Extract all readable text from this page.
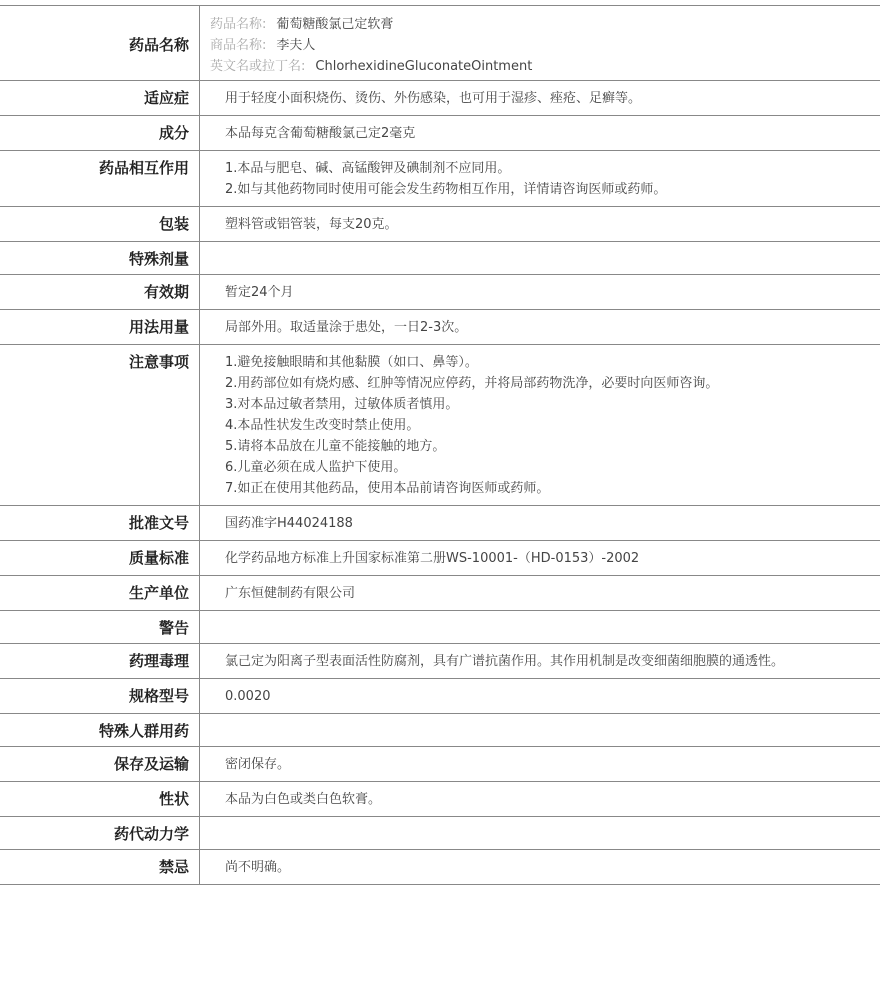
药品名称
药品名称: 葡萄糖酸氯己定软膏
商品名称: 李夫人
英文名或拉丁名: ChlorhexidineGluconateOintment
适应症	用于轻度小面积烧伤、烫伤、外伤感染，也可用于湿疹、痤疮、足癣等。
成分	本品每克含葡萄糖酸氯己定2毫克
药品相互作用	1.本品与肥皂、碱、高锰酸钾及碘制剂不应同用。
2.如与其他药物同时使用可能会发生药物相互作用，详情请咨询医师或药师。
包装	塑料管或铝管装，每支20克。
特殊剂量
有效期	暂定24个月
用法用量	局部外用。取适量涂于患处，一日2-3次。
注意事项	1.避免接触眼睛和其他黏膜（如口、鼻等）。
2.用药部位如有烧灼感、红肿等情况应停药，并将局部药物洗净，必要时向医师咨询。
3.对本品过敏者禁用，过敏体质者慎用。
4.本品性状发生改变时禁止使用。
5.请将本品放在儿童不能接触的地方。
6.儿童必须在成人监护下使用。
7.如正在使用其他药品，使用本品前请咨询医师或药师。
批准文号	国药准字H44024188
质量标准	化学药品地方标准上升国家标准第二册WS-10001-（HD-0153）-2002
生产单位	广东恒健制药有限公司
警告
药理毒理	氯己定为阳离子型表面活性防腐剂，具有广谱抗菌作用。其作用机制是改变细菌细胞膜的通透性。
规格型号	0.0020
特殊人群用药
保存及运输	密闭保存。
性状	本品为白色或类白色软膏。
药代动力学
禁忌	尚不明确。
